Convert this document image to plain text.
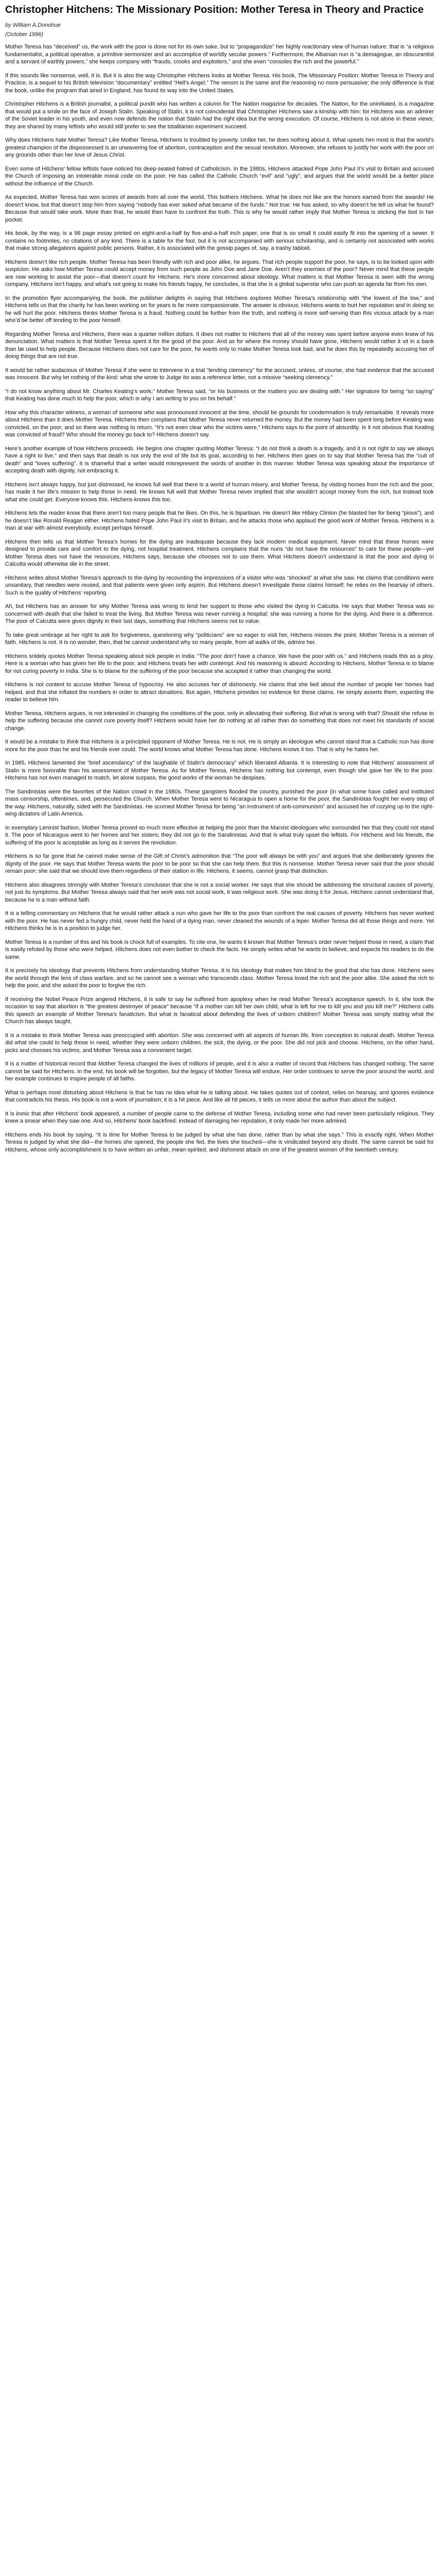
Christopher Hitchens: The Missionary Position: Mother Teresa in Theory and Practice
by William A.Donohue
(October 1996)

Mother Teresa has “deceived” us, the work with the poor is done not for its own sake, but to “propagandize” her highly reactionary view of human nature: that is “a religious fundamentalist, a political operative, a primitive sermonizer and an accomplice of worldly secular powers.” Furthermore, the Albanian nun is “a demagogue, an obscurantist and a servant of earthly powers,” she keeps company with “frauds, crooks and exploiters,” and she even “consoles the rich and the powerful.”

If this sounds like nonsense, well, it is. But it is also the way Christopher Hitchens looks at Mother Teresa. His book, The Missionary Position: Mother Teresa in Theory and Practice, is a sequel to his British television “documentary” entitled “Hell’s Angel.” The venom is the same and the reasoning no more persuasive; the only difference is that the book, unlike the program that aired in England, has found its way into the United States.

Christopher Hitchens is a British journalist, a political pundit who has written a column for The Nation magazine for decades. The Nation, for the uninitiated, is a magazine that would put a smile on the face of Joseph Stalin. Speaking of Stalin, it is not coincidental that Christopher Hitchens saw a kinship with him: for Hitchens was an admirer of the Soviet leader in his youth, and even now defends the notion that Stalin had the right idea but the wrong execution. Of course, Hitchens is not alone in these views; they are shared by many leftists who would still prefer to see the totalitarian experiment succeed.

Why does Hitchens hate Mother Teresa? Like Mother Teresa, Hitchens is troubled by poverty. Unlike her, he does nothing about it. What upsets him most is that the world’s greatest champion of the dispossessed is an unwavering foe of abortion, contraception and the sexual revolution. Moreover, she refuses to justify her work with the poor on any grounds other than her love of Jesus Christ.

Even some of Hitchens’ fellow leftists have noticed his deep-seated hatred of Catholicism. In the 1980s, Hitchens attacked Pope John Paul II’s visit to Britain and accused the Church of imposing an intolerable moral code on the poor. He has called the Catholic Church “evil” and “ugly”, and argues that the world would be a better place without the influence of the Church.

As expected, Mother Teresa has won scores of awards from all over the world. This bothers Hitchens. What he does not like are the honors earned from the awards! He doesn’t know, but that doesn’t stop him from saying “nobody has ever asked what became of the funds.” Not true: He has asked, so why doesn’t he tell us what he found? Because that would take work. More than that, he would then have to confront the truth. This is why he would rather imply that Mother Teresa is sticking the loot in her pocket.

His book, by the way, is a 98 page essay printed on eight-and-a-half by five-and-a-half inch paper, one that is so small it could easily fit into the opening of a sewer. It contains no footnotes, no citations of any kind. There is a table for the fool, but it is not accompanied with serious scholarship, and is certainly not associated with works that make strong allegations against public persons. Rather, it is associated with the gossip pages of, say, a trashy tabloid.

Hitchens doesn’t like rich people. Mother Teresa has been friendly with rich and poor alike, he argues. That rich people support the poor, he says, is to be looked upon with suspicion. He asks how Mother Teresa could accept money from such people as John Doe and Jane Doe. Aren’t they enemies of the poor? Never mind that these people are now working to assist the poor—that doesn’t count for Hitchens. He’s more concerned about ideology. What matters is that Mother Teresa is seen with the wrong company. Hitchens isn’t happy, and what’s not going to make his friends happy, he concludes, is that she is a global superstar who can push an agenda far from his own.

In the promotion flyer accompanying the book, the publisher delights in saying that Hitchens explores Mother Teresa’s relationship with “the lowest of the low,” and Hitchens tells us that the charity he has been working on for years is far more compassionate. The answer is obvious: Hitchens wants to hurt her reputation and in doing so he will hurt the poor. Hitchens thinks Mother Teresa is a fraud. Nothing could be further from the truth, and nothing is more self-serving than this vicious attack by a man who’d be better off tending to the poor himself.

Regarding Mother Teresa and Hitchens, there was a quarter million dollars. It does not matter to Hitchens that all of the money was spent before anyone even knew of his denunciation. What matters is that Mother Teresa spent it for the good of the poor. And as for where the money should have gone, Hitchens would rather it sit in a bank than be used to help people. Because Hitchens does not care for the poor, he wants only to make Mother Teresa look bad, and he does this by repeatedly accusing her of doing things that are not true.

It would be rather audacious of Mother Teresa if she were to intervene in a trial “lending clemency” for the accused, unless, of course, she had evidence that the accused was innocent. But why let nothing of the kind: what she wrote to Judge Ito was a reference letter, not a missive “seeking clemency.”

“I do not know anything about Mr. Charles Keating’s work,” Mother Teresa said, “or his business or the matters you are dealing with.” Her signature for being “so saying” that Keating has done much to help the poor, which is why I am writing to you on his behalf.”

How why this character witness, a woman of someone who was pronounced innocent at the time, should be grounds for condemnation is truly remarkable. It reveals more about Hitchens than it does Mother Teresa. Hitchens then complains that Mother Teresa never returned the money. But the money had been spent long before Keating was convicted, on the poor, and so there was nothing to return. “It’s not even clear who the victims were,” Hitchens says to the point of absurdity. Is it not obvious that Keating was convicted of fraud? Who should the money go back to? Hitchens doesn’t say.

Here’s another example of how Hitchens proceeds. He begins one chapter quoting Mother Teresa: “I do not think a death is a tragedy, and it is not right to say we always have a right to live,” and then says that death is not only the end of life but its goal, according to her. Hitchens then goes on to say that Mother Teresa has the “cult of death” and “loves suffering”. It is shameful that a writer would misrepresent the words of another in this manner. Mother Teresa was speaking about the importance of accepting death with dignity, not embracing it.

Hitchens isn’t always happy, but just distressed, he knows full well that there is a world of human misery, and Mother Teresa, by visiting homes from the rich and the poor, has made it her life’s mission to help those in need. He knows full well that Mother Teresa never implied that she wouldn’t accept money from the rich, but instead took what she could get. Everyone knows this. Hitchens knows this too.

Hitchens lets the reader know that there aren’t too many people that he likes. On this, he is bipartisan. He doesn’t like Hillary Clinton (he blasted her for being “pious”), and he doesn’t like Ronald Reagan either. Hitchens hated Pope John Paul II’s visit to Britain, and he attacks those who applaud the good work of Mother Teresa. Hitchens is a man at war with almost everybody, except perhaps himself.

Hitchens then tells us that Mother Teresa’s homes for the dying are inadequate because they lack modern medical equipment. Never mind that these homes were designed to provide care and comfort to the dying, not hospital treatment. Hitchens complains that the nuns “do not have the resources” to care for these people—yet Mother Teresa does not have the resources, Hitchens says, because she chooses not to use them. What Hitchens doesn’t understand is that the poor and dying in Calcutta would otherwise die in the street.

Hitchens writes about Mother Teresa’s approach to the dying by recounting the impressions of a visitor who was “shocked” at what she saw. He claims that conditions were unsanitary, that needles were reused, and that patients were given only aspirin. But Hitchens doesn’t investigate these claims himself; he relies on the hearsay of others. Such is the quality of Hitchens’ reporting.

Ah, but Hitchens has an answer for why Mother Teresa was wrong to lend her support to those who visited the dying in Calcutta. He says that Mother Teresa was so concerned with death that she failed to treat the living. But Mother Teresa was never running a hospital; she was running a home for the dying. And there is a difference. The poor of Calcutta were given dignity in their last days, something that Hitchens seems not to value.

To take great umbrage at her right to ask for forgiveness, questioning why “politicians” are so eager to visit her, Hitchens misses the point. Mother Teresa is a woman of faith. Hitchens is not. It is no wonder, then, that he cannot understand why so many people, from all walks of life, admire her.

Hitchens snidely quotes Mother Teresa speaking about sick people in India: “The poor don’t have a chance. We have the poor with us.” and Hitchens reads this as a ploy. Here is a woman who has given her life to the poor, and Hitchens treats her with contempt. And his reasoning is absurd: According to Hitchens, Mother Teresa is to blame for not curing poverty in India. She is to blame for the suffering of the poor because she accepted it rather than changing the world.

Hitchens is not content to accuse Mother Teresa of hypocrisy. He also accuses her of dishonesty. He claims that she lied about the number of people her homes had helped, and that she inflated the numbers in order to attract donations. But again, Hitchens provides no evidence for these claims. He simply asserts them, expecting the reader to believe him.

Mother Teresa, Hitchens argues, is not interested in changing the conditions of the poor, only in alleviating their suffering. But what is wrong with that? Should she refuse to help the suffering because she cannot cure poverty itself? Hitchens would have her do nothing at all rather than do something that does not meet his standards of social change.

It would be a mistake to think that Hitchens is a principled opponent of Mother Teresa. He is not. He is simply an ideologue who cannot stand that a Catholic nun has done more for the poor than he and his friends ever could. The world knows what Mother Teresa has done. Hitchens knows it too. That is why he hates her.

In 1985, Hitchens lamented the “brief ascendancy” of the laughable of Stalin’s democracy” which liberated Albania. It is interesting to note that Hitchens’ assessment of Stalin is more favorable than his assessment of Mother Teresa. As for Mother Teresa, Hitchens has nothing but contempt, even though she gave her life to the poor. Hitchens has not even managed to match, let alone surpass, the good works of the woman he despises.

The Sandinistas were the favorites of the Nation crowd in the 1980s. These gangsters flooded the country, punished the poor (in what some have called and instituted mass censorship, oftentimes, and, persecuted the Church. When Mother Teresa went to Nicaragua to open a home for the poor, the Sandinistas fought her every step of the way. Hitchens, naturally, sided with the Sandinistas. He scorned Mother Teresa for being “an instrument of anti-communism” and accused her of cozying up to the right-wing dictators of Latin America.

In exemplary Leninist fashion, Mother Teresa proved so much more effective at helping the poor than the Marxist ideologues who surrounded her that they could not stand it. The poor of Nicaragua went to her homes and her sisters; they did not go to the Sandinistas. And that is what truly upset the leftists. For Hitchens and his friends, the suffering of the poor is acceptable as long as it serves the revolution.

Hitchens is so far gone that he cannot make sense of the Gift of Christ’s admonition that “The poor will always be with you” and argues that she deliberately ignores the dignity of the poor. He says that Mother Teresa wants the poor to be poor so that she can help them. But this is nonsense. Mother Teresa never said that the poor should remain poor; she said that we should love them regardless of their station in life. Hitchens, it seems, cannot grasp that distinction.

Hitchens also disagrees strongly with Mother Teresa’s conclusion that she is not a social worker. He says that she should be addressing the structural causes of poverty, not just its symptoms. But Mother Teresa always said that her work was not social work, it was religious work. She was doing it for Jesus. Hitchens cannot understand that, because he is a man without faith.

It is a telling commentary on Hitchens that he would rather attack a nun who gave her life to the poor than confront the real causes of poverty. Hitchens has never worked with the poor. He has never fed a hungry child, never held the hand of a dying man, never cleaned the wounds of a leper. Mother Teresa did all those things and more. Yet Hitchens thinks he is in a position to judge her.

Mother Teresa is a number of this and his book is chock full of examples. To cite one, he wants it known that Mother Teresa’s order never helped those in need, a claim that is easily refuted by those who were helped. Hitchens does not even bother to check the facts. He simply writes what he wants to believe, and expects his readers to do the same.

It is precisely his ideology that prevents Hitchens from understanding Mother Teresa. It is his ideology that makes him blind to the good that she has done. Hitchens sees the world through the lens of class warfare, and so he cannot see a woman who transcends class. Mother Teresa loved the rich and the poor alike. She asked the rich to help the poor, and she asked the poor to forgive the rich.

If receiving the Nobel Peace Prize angered Hitchens, it is safe to say he suffered from apoplexy when he read Mother Teresa’s acceptance speech. In it, she took the occasion to say that abortion is “the greatest destroyer of peace” because “if a mother can kill her own child, what is left for me to kill you and you kill me?” Hitchens calls this speech an example of Mother Teresa’s fanaticism. But what is fanatical about defending the lives of unborn children? Mother Teresa was simply stating what the Church has always taught.

It is a mistake to think Mother Teresa was preoccupied with abortion. She was concerned with all aspects of human life, from conception to natural death. Mother Teresa did what she could to help those in need, whether they were unborn children, the sick, the dying, or the poor. She did not pick and choose. Hitchens, on the other hand, picks and chooses his victims, and Mother Teresa was a convenient target.

It is a matter of historical record that Mother Teresa changed the lives of millions of people, and it is also a matter of record that Hitchens has changed nothing. The same cannot be said for Hitchens. In the end, his book will be forgotten, but the legacy of Mother Teresa will endure. Her order continues to serve the poor around the world, and her example continues to inspire people of all faiths.

What is perhaps most disturbing about Hitchens is that he has no idea what he is talking about. He takes quotes out of context, relies on hearsay, and ignores evidence that contradicts his thesis. His book is not a work of journalism; it is a hit piece. And like all hit pieces, it tells us more about the author than about the subject.

It is ironic that after Hitchens’ book appeared, a number of people came to the defense of Mother Teresa, including some who had never been particularly religious. They knew a smear when they saw one. And so, Hitchens’ book backfired: instead of damaging her reputation, it only made her more admired.

Hitchens ends his book by saying, “It is time for Mother Teresa to be judged by what she has done, rather than by what she says.” This is exactly right. When Mother Teresa is judged by what she did—the homes she opened, the people she fed, the lives she touched—she is vindicated beyond any doubt. The same cannot be said for Hitchens, whose only accomplishment is to have written an unfair, mean-spirited, and dishonest attack on one of the greatest women of the twentieth century.
